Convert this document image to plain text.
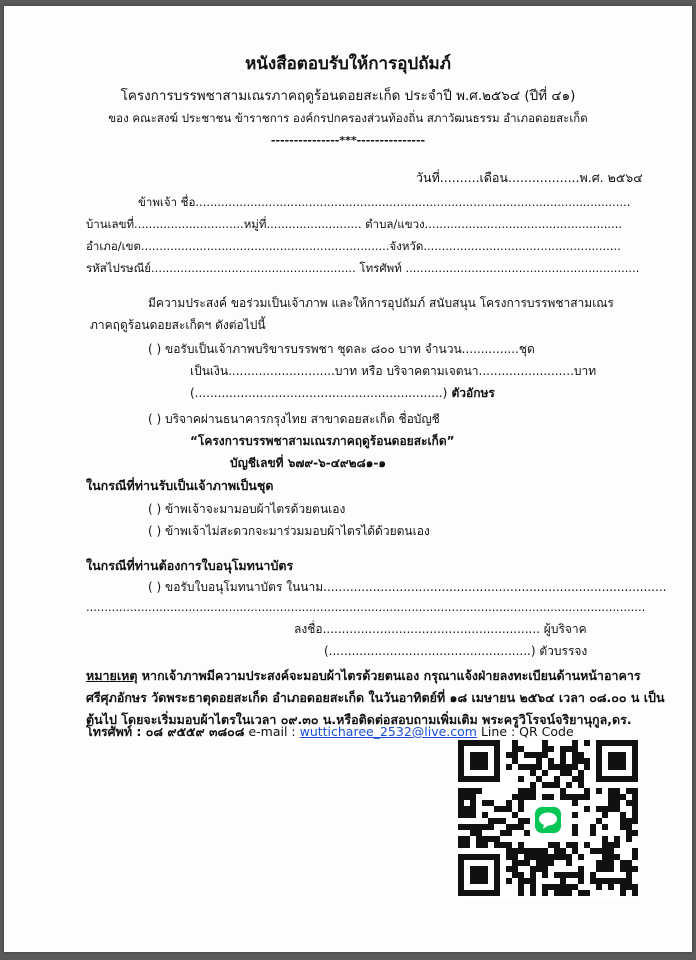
หนังสือตอบรับให้การอุปถัมภ์
โครงการบรรพชาสามเณรภาคฤดูร้อนดอยสะเก็ด ประจำปี พ.ศ.๒๕๖๔ (ปีที่ ๔๑)
ของ คณะสงฆ์ ประชาชน ข้าราชการ องค์กรปกครองส่วนท้องถิ่น สภาวัฒนธรรม อำเภอดอยสะเก็ด
---------------***---------------
วันที่..........เดือน..................พ.ศ. ๒๕๖๔
ข้าพเจ้า ชื่อ.......................................................................................................................
บ้านเลขที่..............................หมู่ที่.......................... ตำบล/แขวง......................................................
อำเภอ/เขต....................................................................จังหวัด......................................................
รหัสไปรษณีย์........................................................ โทรศัพท์ ................................................................
มีความประสงค์ ขอร่วมเป็นเจ้าภาพ และให้การอุปถัมภ์ สนับสนุน โครงการบรรพชาสามเณร
ภาคฤดูร้อนดอยสะเก็ดฯ ดังต่อไปนี้
( ) ขอรับเป็นเจ้าภาพบริขารบรรพชา ชุดละ ๘๐๐ บาท จำนวน...............ชุด
เป็นเงิน............................บาท หรือ บริจาคตามเจตนา.........................บาท
(.................................................................) ตัวอักษร
( ) บริจาคผ่านธนาคารกรุงไทย สาขาดอยสะเก็ด ชื่อบัญชี
“โครงการบรรพชาสามเณรภาคฤดูร้อนดอยสะเก็ด”
บัญชีเลขที่ ๖๗๙-๖-๔๙๒๘๑-๑
ในกรณีที่ท่านรับเป็นเจ้าภาพเป็นชุด
( ) ข้าพเจ้าจะมามอบผ้าไตรด้วยตนเอง
( ) ข้าพเจ้าไม่สะดวกจะมาร่วมมอบผ้าไตรได้ด้วยตนเอง
ในกรณีที่ท่านต้องการใบอนุโมทนาบัตร
( ) ขอรับใบอนุโมทนาบัตร ในนาม..........................................................................................
.........................................................................................................................................................
ลงชื่อ......................................................... ผู้บริจาค
(.....................................................) ตัวบรรจง
หมายเหตุ หากเจ้าภาพมีความประสงค์จะมอบผ้าไตรด้วยตนเอง กรุณาแจ้งฝ่ายลงทะเบียนด้านหน้าอาคาร
ศรีศุภอักษร วัดพระธาตุดอยสะเก็ด อำเภอดอยสะเก็ด ในวันอาทิตย์ที่ ๑๘ เมษายน ๒๕๖๔ เวลา ๐๘.๐๐ น เป็น
ต้นไป โดยจะเริ่มมอบผ้าไตรในเวลา ๐๙.๓๐ น.หรือติดต่อสอบถามเพิ่มเติม พระครูวิโรจน์จริยานุกูล,ดร.
โทรศัพท์ : ๐๘ ๙๕๕๙ ๓๘๐๘ e-mail : wutticharee_2532@live.com Line : QR Code
